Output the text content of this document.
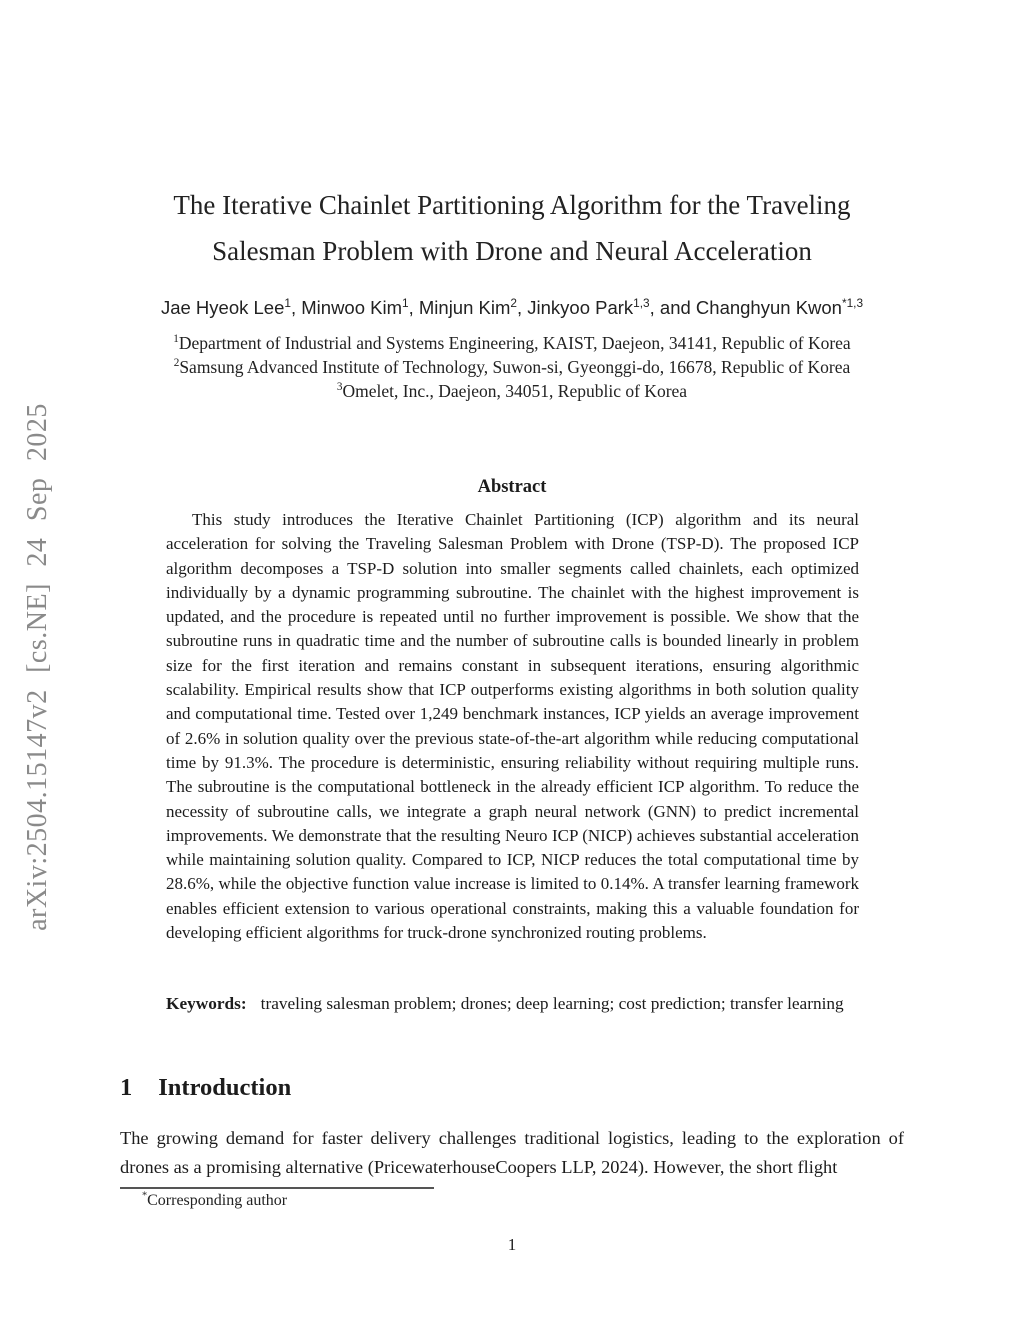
arXiv:2504.15147v2 [cs.NE] 24 Sep 2025
The Iterative Chainlet Partitioning Algorithm for the Traveling
Salesman Problem with Drone and Neural Acceleration
Jae Hyeok Lee$^1$, Minwoo Kim$^1$, Minjun Kim$^2$, Jinkyoo Park$^{1,3}$, and Changhyun Kwon$^{*1,3}$
$^1$Department of Industrial and Systems Engineering, KAIST, Daejeon, 34141, Republic of Korea
$^2$Samsung Advanced Institute of Technology, Suwon-si, Gyeonggi-do, 16678, Republic of Korea
$^3$Omelet, Inc., Daejeon, 34051, Republic of Korea
Abstract
This study introduces the Iterative Chainlet Partitioning (ICP) algorithm and its neural acceleration for solving the Traveling Salesman Problem with Drone (TSP-D). The proposed ICP algorithm decomposes a TSP-D solution into smaller segments called chainlets, each optimized individually by a dynamic programming subroutine. The chainlet with the highest improvement is updated, and the procedure is repeated until no further improvement is possible. We show that the subroutine runs in quadratic time and the number of subroutine calls is bounded linearly in problem size for the first iteration and remains constant in subsequent iterations, ensuring algorithmic scalability. Empirical results show that ICP outperforms existing algorithms in both solution quality and computational time. Tested over 1,249 benchmark instances, ICP yields an average improvement of 2.6% in solution quality over the previous state-of-the-art algorithm while reducing computational time by 91.3%. The procedure is deterministic, ensuring reliability without requiring multiple runs. The subroutine is the computational bottleneck in the already efficient ICP algorithm. To reduce the necessity of subroutine calls, we integrate a graph neural network (GNN) to predict incremental improvements. We demonstrate that the resulting Neuro ICP (NICP) achieves substantial acceleration while maintaining solution quality. Compared to ICP, NICP reduces the total computational time by 28.6%, while the objective function value increase is limited to 0.14%. A transfer learning framework enables efficient extension to various operational constraints, making this a valuable foundation for developing efficient algorithms for truck-drone synchronized routing problems.
Keywords: traveling salesman problem; drones; deep learning; cost prediction; transfer learning
1 Introduction
The growing demand for faster delivery challenges traditional logistics, leading to the exploration of drones as a promising alternative (PricewaterhouseCoopers LLP, 2024). However, the short flight
*Corresponding author
1
